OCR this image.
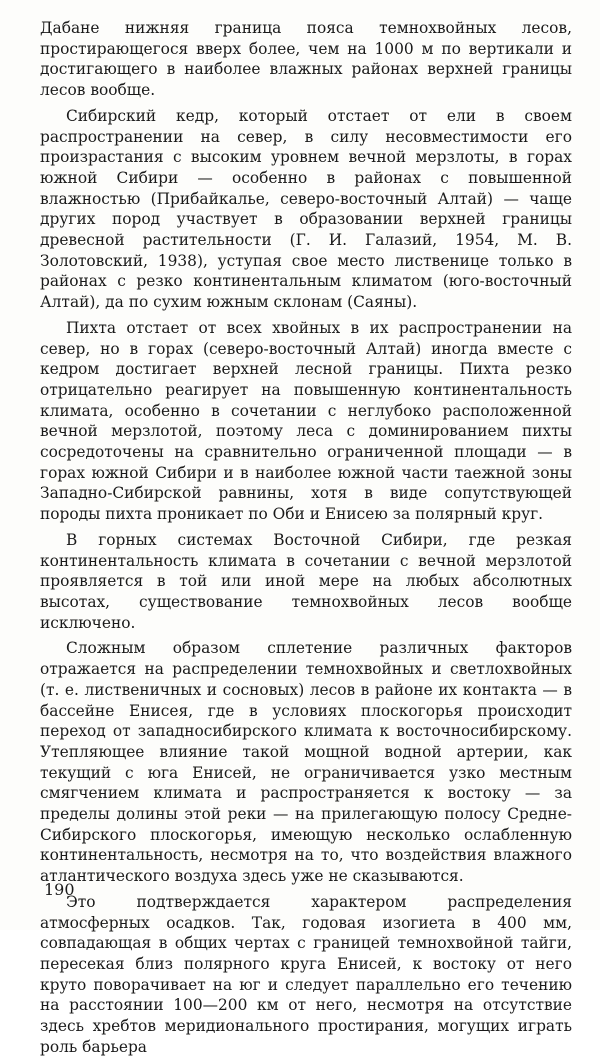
Дабане нижняя граница пояса темнохвойных лесов, простирающегося вверх более, чем на 1000 м по вертикали и достигающего в наиболее влажных районах верхней границы лесов вообще.

Сибирский кедр, который отстает от ели в своем распространении на север, в силу несовместимости его произрастания с высоким уровнем вечной мерзлоты, в горах южной Сибири — особенно в районах с повышенной влажностью (Прибайкалье, северо-восточный Алтай) — чаще других пород участвует в образовании верхней границы древесной растительности (Г. И. Галазий, 1954, М. В. Золотовский, 1938), уступая свое место лиственице только в районах с резко континентальным климатом (юго-восточный Алтай), да по сухим южным склонам (Саяны).

Пихта отстает от всех хвойных в их распространении на север, но в горах (северо-восточный Алтай) иногда вместе с кедром достигает верхней лесной границы. Пихта резко отрицательно реагирует на повышенную континентальность климата, особенно в сочетании с неглубоко расположенной вечной мерзлотой, поэтому леса с доминированием пихты сосредоточены на сравнительно ограниченной площади — в горах южной Сибири и в наиболее южной части таежной зоны Западно-Сибирской равнины, хотя в виде сопутствующей породы пихта проникает по Оби и Енисею за полярный круг.

В горных системах Восточной Сибири, где резкая континентальность климата в сочетании с вечной мерзлотой проявляется в той или иной мере на любых абсолютных высотах, существование темнохвойных лесов вообще исключено.

Сложным образом сплетение различных факторов отражается на распределении темнохвойных и светлохвойных (т. е. лиственичных и сосновых) лесов в районе их контакта — в бассейне Енисея, где в условиях плоскогорья происходит переход от западносибирского климата к восточносибирскому. Утепляющее влияние такой мощной водной артерии, как текущий с юга Енисей, не ограничивается узко местным смягчением климата и распространяется к востоку — за пределы долины этой реки — на прилегающую полосу Средне-Сибирского плоскогорья, имеющую несколько ослабленную континентальность, несмотря на то, что воздействия влажного атлантического воздуха здесь уже не сказываются.

Это подтверждается характером распределения атмосферных осадков. Так, годовая изогиета в 400 мм, совпадающая в общих чертах с границей темнохвойной тайги, пересекая близ полярного круга Енисей, к востоку от него круто поворачивает на юг и следует параллельно его течению на расстоянии 100—200 км от него, несмотря на отсутствие здесь хребтов меридионального простирания, могущих играть роль барьера

190
